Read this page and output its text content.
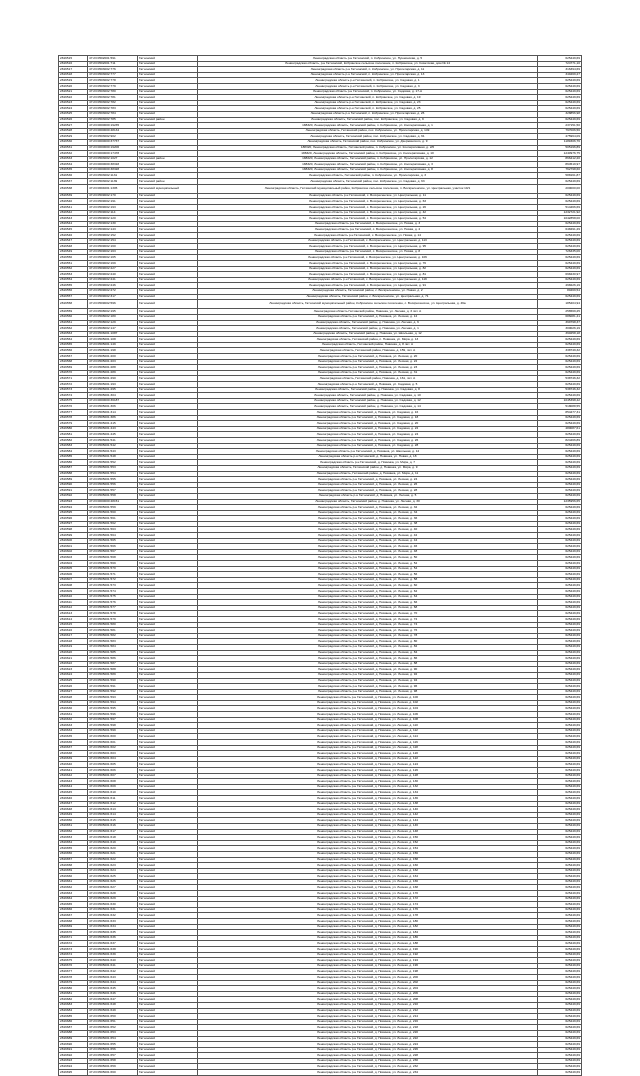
2816515	47:23:0502001:591	Гатчинский	Ленинградская область р-н Гатчинский, п. Кобринское, ул. Пушкинская, д. 5	625449,69
2816516	47:23:0502001:711	Гатчинский	Ленинградская область, р-н Гатчинский, Кобринское сельское поселение, п. Кобринское, ул. Советская, дом № 14	724771,10
2816517	47:23:0503002:776	Гатчинский	Ленинградская область р-н Гатчинский, п. Кобринское, ул. Пролетарская, д. 11	316394,69
2816518	47:23:0503002:777	Гатчинский	Ленинградская область р-н Гатчинский, п. Кобринское, ул. Пролетарская, д. 13	349469,27
2816519	47:23:0503002:778	Гатчинский	Ленинградская область р-н Гатчинский, п. Кобринское, ул. Садовая, д. 1	625449,69
2816520	47:23:0503002:779	Гатчинский	Ленинградская область р-н Гатчинский, п. Кобринское, ул. Садовая, д. 3	625449,69
2816521	47:23:0503002:780	Гатчинский	Ленинградская область р-н Гатчинский, п. Кобринское, ул. Садовая, д. 17-А	625449,69
2816522	47:23:0503002:781	Гатчинский	Ленинградская область р-н Гатчинский, п. Кобринское, ул. Садовая, д. 19	625449,69
2816523	47:23:0503002:782	Гатчинский	Ленинградская область р-н Гатчинский, п. Кобринское, ул. Садовая, д. 23	625449,69
2816524	47:23:0503002:783	Гатчинский	Ленинградская область р-н Гатчинский, п. Кобринское, ул. Садовая, д. 25	625449,69
2816525	47:23:0503002:784	Гатчинский	Ленинградская область р-н Гатчинский, п. Кобринское, ул. Пролетарская, д. 26	328856,98
2816526	47:23:0503002:785	Гатчинский район	Ленинградская область, Гатчинский район, пос. Кобринское, ул. Садовая, д. 9	625449,69
2816527	47:23:0000000:19235	Гатчинский	188320, Ленинградская область, Гатчинский район, п. Кобринское, ул. Кооперативная, д. 1	237151,50
2816528	47:23:0000000:48134	Гатчинский	Ленинградская область, Гатчинский район, пос. Кобринское, ул. Пролетарская, д. 149	797006,56
2816529	47:23:0503002:902	Гатчинский	Ленинградская область, Гатчинский район, пос. Кобринское, ул. Садовая, д. 61	475964,09
2816530	47:23:0000000:37737	Гатчинский	Ленинградская область, Гатчинский район, пос. Кобринское, ул. Дзержинского, д. 9	1189306,76
2816531	47:23:0000000:19206	Гатчинский	188320, Ленинградская область, Гатчинский район, п. Кобринское, ул. Кооперативная, д. 2/6	505196,89
2816532	47:23:0000000:17478	Гатчинский	188320, Ленинградская область, Гатчинский район, п. Кобринское, ул. Кооперативная, д. 10	1240976,75
2816533	47:23:0503002:1027	Гатчинский район	188320, Ленинградская область, Гатчинский район, п. Кобринское, ул. Пролетарская, д. 12	866412,20
2816534	47:23:0000000:38318	Гатчинский	188320, Ленинградская область, Гатчинский район, п. Кобринское, ул. Кооперативная, д. 3	864519,97
2816535	47:23:0000000:38328	Гатчинский	188320, Ленинградская область, Гатчинский район, п. Кобринское, ул. Кооперативная, д. 8	762798,60
2816536	47:23:0503002:1131	Гатчинский	Ленинградская область, Гатчинский район, п. Кобринское, ул. Пролетарская, д. 3	588161,87
2816537	47:23:0503002:1139	Гатчинский район	Ленинградская область, Гатчинский район, пос. Кобринское, ул. Садовая, д. 63	625449,69
2816538	47:23:0604001:1305	Гатчинский муниципальный	Ленинградская область, Гатчинский муниципальный район, Кобринское сельское поселение, п. Воскресенское, ул. Центральная, участок 10/1	200000,00
2816539	47:23:0509002:170	Гатчинский	Ленинградская область р-н Гатчинский, с. Воскресенское, ул. Центральная, д. 11	625449,69
2816540	47:23:0509002:191	Гатчинский	Ленинградская область р-н Гатчинский, с. Воскресенское, ул. Центральная, д. 63	625449,69
2816541	47:23:0509002:193	Гатчинский	Ленинградская область р-н Гатчинский, с. Воскресенское, ул. Центральная, д. 26	514466,69
2816542	47:23:0509002:114	Гатчинский	Ленинградская область р-н Гатчинский, с. Воскресенское, ул. Центральная, д. 42	1232721,92
2816543	47:23:0509002:120	Гатчинский	Ленинградская область р-н Гатчинский, с. Воскресенское, ул. Центральная, д. 54	1042858,00
2816544	47:23:0509002:130	Гатчинский	Ленинградская область р-н Гатчинский, с. Воскресенское, ул. Новая, д. 3	625449,69
2816545	47:23:0509002:143	Гатчинский	Ленинградская область р-н Гатчинский, с. Воскресенское, ул. Новая, д. 4	648491,29
2816546	47:23:0509002:152	Гатчинский	Ленинградская область р-н Гатчинский, с. Воскресенское, ул. Новая, д. 14	625449,69
2816547	47:23:0509002:154	Гатчинский	Ленинградская область р-н Гатчинский, с. Воскресенское, ул. Центральная, д. 113	625449,69
2816548	47:23:0509002:160	Гатчинский	Ленинградская область р-н Гатчинский, с. Воскресенское, ул. Центральная, д. 95	625449,69
2816549	47:23:0509002:163	Гатчинский	Ленинградская область р-н Гатчинский, с. Воскресенское, ул. Новая, д. 8	726335,06
2816550	47:23:0509002:165	Гатчинский	Ленинградская область р-н Гатчинский, с. Воскресенское, ул. Центральная, д. 106	625449,69
2816551	47:23:0509002:169	Гатчинский	Ленинградская область р-н Гатчинский, с. Воскресенское, ул. Центральная, д. 76	625449,69
2816552	47:23:0509002:227	Гатчинский	Ленинградская область р-н Гатчинский, с. Воскресенское, ул. Центральная, д. 82	625449,69
2816553	47:23:0509002:240	Гатчинский	Ленинградская область р-н Гатчинский, с. Воскресенское, ул. Центральная, д. 81	698430,97
2816554	47:23:0509002:241	Гатчинский	Ленинградская область р-н Гатчинский, с. Воскресенское, ул. Центральная, д. 119	625449,69
2816555	47:23:0509002:246	Гатчинский	Ленинградская область р-н Гатчинский, с. Воскресенское, ул. Центральная, д. 91	498226,19
2816556	47:23:0509002:272	Гатчинский	Ленинградская область, Гатчинский район, с. Воскресенское, ул. Новая, д. 2	80469,54
2816557	47:23:0509002:317	Гатчинский	Ленинградская область, Гатчинский район, с. Воскресенское, ул. Центральная, д. 71	625449,69
2816558	47:23:0509002:596	Гатчинский	Ленинградская область, Гатчинский муниципальный район, Кобринское сельское поселение, с. Воскресенское, ул. Центральная, д. 49а	185404,94
2816559	47:23:0508002:195	Гатчинский	Ленинградская область Гатчинский район, Новинка, ул. Лесная, д. 3 лит. А	256569,25
2816560	47:23:0508002:180	Гатчинский	Ленинградская область р-н Гатчинский, д. Новинка, ул. Лесная, д. 12	686081,41
2816561	47:23:0508002:129	Гатчинский	Ленинградская область, Гатчинский район, д. Новинка, ул. Лесная, д. 6	399798,37
2816562	47:23:0508002:147	Гатчинский	Ленинградская область, Гатчинский район, д. Новинка, ул. Лесная, д. 1	300026,19
2816563	47:23:0506001:1087	Гатчинский	Ленинградская область, Гатчинский район, д. Новинка, ул. Школьная, д. 12	390258,18
2816564	47:23:0505001:108	Гатчинский	Ленинградская область, Гатчинский район, п. Новинка, ул. Мира, д. 13	625449,69
2816565	47:23:0505001:149	Гатчинский	Ленинградская область, Гатчинский район, Новинка, д. 8 лит. А	625449,69
2816566	47:23:0505001:198	Гатчинский	Ленинградская область, Гатчинский район, Новинка, д. 159, лит. А	338749,32
2816567	47:23:0505001:200	Гатчинский	Ленинградская область р-н Гатчинский, д. Новинка, ул. Лесная, д. 20	625449,69
2816568	47:23:0505001:203	Гатчинский	Ленинградская область р-н Гатчинский, д. Новинка, ул. Лесная, д. 22	625449,69
2816569	47:23:0505001:288	Гатчинский	Ленинградская область р-н Гатчинский, д. Новинка, ул. Лесная, д. 23	625449,69
2816570	47:23:0505001:289	Гатчинский	Ленинградская область р-н Гатчинский, д. Новинка, ул. Лесная, д. 31	625449,69
2816571	47:23:0505001:290	Гатчинский	Ленинградская область, Гатчинский район, Новинка, д. 161, лит. А	538746,32
2816572	47:23:0505001:193	Гатчинский	Ленинградская область р-н Гатчинский, д. Новинка, ул. Садовая, д. 5	625449,69
2816573	47:23:0505001:295	Гатчинский	Ленинградская область, Гатчинский район, д. Новинка, ул. Садовая, д. 8	538746,32
2816574	47:23:0505001:304	Гатчинский	Ленинградская область, Гатчинский район, д. Новинка, ул. Садовая, д. 10	625449,69
2816575	47:23:0000000:36187	Гатчинский	Ленинградская область, Гатчинский район, д. Новинка, ул. Садовая, д. 12	1045398,42
2816576	47:23:0505001:306	Гатчинский	Ленинградская область, Гатчинский район, д. Новинка, ул. Садовая, д. 14	518088,55
2816577	47:23:0505001:314	Гатчинский	Ленинградская область р-н Гатчинский, д. Новинка, ул. Садовая, д. 16	854477,31
2816578	47:23:0505001:386	Гатчинский	Ленинградская область р-н Гатчинский, д. Новинка, ул. Садовая, д. 18	625449,69
2816579	47:23:0505001:415	Гатчинский	Ленинградская область р-н Гатчинский, д. Новинка, ул. Садовая, д. 20	625449,69
2816580	47:23:0505001:443	Гатчинский	Ленинградская область р-н Гатчинский, д. Новинка, ул. Садовая, д. 22	480087,61
2816581	47:23:0505001:445	Гатчинский	Ленинградская область р-н Гатчинский, д. Новинка, ул. Садовая, д. 24	625449,69
2816582	47:23:0505001:541	Гатчинский	Ленинградская область р-н Гатчинский, д. Новинка, ул. Садовая, д. 26	824466,89
2816583	47:23:0505001:542	Гатчинский	Ленинградская область р-н Гатчинский, д. Новинка, ул. Садовая, д. 28	625449,69
2816584	47:23:0505001:543	Гатчинский	Ленинградская область р-н Гатчинский, д. Новинка, ул. Школьная, д. 14	625449,69
2816585	47:23:0505001:548	Гатчинский	Ленинградская область р-н Гатчинский, д. Новинка, ул. Новая, д. 18	625449,69
2816586	47:23:0505001:552	Гатчинский	Ленинградская область р-н Гатчинский, д. Новинка, ул. Мира, д. 7	625449,69
2816587	47:23:0505001:553	Гатчинский	Ленинградская область, Гатчинский район, д. Новинка, ул. Мира, д. 9	625449,69
2816588	47:23:0505001:554	Гатчинский	Ленинградская область, Гатчинский район, д. Новинка, ул. Мира, д. 11	625449,69
2816589	47:23:0505001:555	Гатчинский	Ленинградская область р-н Гатчинский, д. Новинка, ул. Лесная, д. 24	625449,69
2816590	47:23:0505001:556	Гатчинский	Ленинградская область р-н Гатчинский, д. Новинка, ул. Лесная, д. 26	625449,69
2816591	47:23:0505001:557	Гатчинский	Ленинградская область р-н Гатчинский, д. Новинка, ул. Лесная, д. 28	625449,69
2816592	47:23:0505001:558	Гатчинский	Ленинградская область р-н Гатчинский, д. Новинка, ул. Лесная, д. 5	625449,69
2816593	47:23:0000000:48151	Гатчинский	Ленинградская область, Гатчинский район, д. Новинка, ул. Лесная, д. 30	1235956,65
2816594	47:23:0505001:559	Гатчинский	Ленинградская область р-н Гатчинский, д. Новинка, ул. Лесная, д. 32	625449,69
2816595	47:23:0505001:560	Гатчинский	Ленинградская область р-н Гатчинский, д. Новинка, ул. Лесная, д. 34	625449,69
2816596	47:23:0505001:561	Гатчинский	Ленинградская область р-н Гатчинский, д. Новинка, ул. Лесная, д. 36	625449,69
2816597	47:23:0505001:562	Гатчинский	Ленинградская область р-н Гатчинский, д. Новинка, ул. Лесная, д. 38	625449,69
2816598	47:23:0505001:563	Гатчинский	Ленинградская область р-н Гатчинский, д. Новинка, ул. Лесная, д. 40	625449,69
2816599	47:23:0505001:564	Гатчинский	Ленинградская область р-н Гатчинский, д. Новинка, ул. Лесная, д. 42	625449,69
2816600	47:23:0505001:565	Гатчинский	Ленинградская область р-н Гатчинский, д. Новинка, ул. Лесная, д. 44	625449,69
2816601	47:23:0505001:566	Гатчинский	Ленинградская область р-н Гатчинский, д. Новинка, ул. Лесная, д. 46	625449,69
2816602	47:23:0505001:567	Гатчинский	Ленинградская область р-н Гатчинский, д. Новинка, ул. Лесная, д. 48	625449,69
2816603	47:23:0505001:568	Гатчинский	Ленинградская область р-н Гатчинский, д. Новинка, ул. Лесная, д. 50	625449,69
2816604	47:23:0505001:569	Гатчинский	Ленинградская область р-н Гатчинский, д. Новинка, ул. Лесная, д. 52	625449,69
2816605	47:23:0505001:570	Гатчинский	Ленинградская область р-н Гатчинский, д. Новинка, ул. Лесная, д. 54	625449,69
2816606	47:23:0505001:571	Гатчинский	Ленинградская область р-н Гатчинский, д. Новинка, ул. Лесная, д. 56	625449,69
2816607	47:23:0505001:572	Гатчинский	Ленинградская область р-н Гатчинский, д. Новинка, ул. Лесная, д. 58	625449,69
2816608	47:23:0505001:573	Гатчинский	Ленинградская область р-н Гатчинский, д. Новинка, ул. Лесная, д. 60	625449,69
2816609	47:23:0505001:574	Гатчинский	Ленинградская область р-н Гатчинский, д. Новинка, ул. Лесная, д. 62	625449,69
2816610	47:23:0505001:575	Гатчинский	Ленинградская область р-н Гатчинский, д. Новинка, ул. Лесная, д. 64	625449,69
2816611	47:23:0505001:576	Гатчинский	Ленинградская область р-н Гатчинский, д. Новинка, ул. Лесная, д. 66	625449,69
2816612	47:23:0505001:577	Гатчинский	Ленинградская область р-н Гатчинский, д. Новинка, ул. Лесная, д. 68	625449,69
2816613	47:23:0505001:578	Гатчинский	Ленинградская область р-н Гатчинский, д. Новинка, ул. Лесная, д. 70	625449,69
2816614	47:23:0505001:579	Гатчинский	Ленинградская область р-н Гатчинский, д. Новинка, ул. Лесная, д. 72	625449,69
2816615	47:23:0505001:580	Гатчинский	Ленинградская область р-н Гатчинский, д. Новинка, ул. Лесная, д. 74	625449,69
2816616	47:23:0505001:581	Гатчинский	Ленинградская область р-н Гатчинский, д. Новинка, ул. Лесная, д. 76	625449,69
2816617	47:23:0505001:582	Гатчинский	Ленинградская область р-н Гатчинский, д. Новинка, ул. Лесная, д. 78	625449,69
2816618	47:23:0505001:583	Гатчинский	Ленинградская область р-н Гатчинский, д. Новинка, ул. Лесная, д. 80	625449,69
2816619	47:23:0505001:584	Гатчинский	Ленинградская область р-н Гатчинский, д. Новинка, ул. Лесная, д. 82	625449,69
2816620	47:23:0505001:585	Гатчинский	Ленинградская область р-н Гатчинский, д. Новинка, ул. Лесная, д. 84	625449,69
2816621	47:23:0505001:586	Гатчинский	Ленинградская область р-н Гатчинский, д. Новинка, ул. Лесная, д. 86	625449,69
2816622	47:23:0505001:587	Гатчинский	Ленинградская область р-н Гатчинский, д. Новинка, ул. Лесная, д. 88	625449,69
2816623	47:23:0505001:588	Гатчинский	Ленинградская область р-н Гатчинский, д. Новинка, ул. Лесная, д. 90	625449,69
2816624	47:23:0505001:589	Гатчинский	Ленинградская область р-н Гатчинский, д. Новинка, ул. Лесная, д. 92	625449,69
2816625	47:23:0505001:590	Гатчинский	Ленинградская область р-н Гатчинский, д. Новинка, ул. Лесная, д. 94	625449,69
2816626	47:23:0505001:591	Гатчинский	Ленинградская область р-н Гатчинский, д. Новинка, ул. Лесная, д. 96	625449,69
2816627	47:23:0505001:592	Гатчинский	Ленинградская область р-н Гатчинский, д. Новинка, ул. Лесная, д. 98	625449,69
2816628	47:23:0505001:593	Гатчинский	Ленинградская область р-н Гатчинский, д. Новинка, ул. Лесная, д. 100	625449,69
2816629	47:23:0505001:594	Гатчинский	Ленинградская область р-н Гатчинский, д. Новинка, ул. Лесная, д. 102	625449,69
2816630	47:23:0505001:595	Гатчинский	Ленинградская область р-н Гатчинский, д. Новинка, ул. Лесная, д. 104	625449,69
2816631	47:23:0505001:596	Гатчинский	Ленинградская область р-н Гатчинский, д. Новинка, ул. Лесная, д. 106	625449,69
2816632	47:23:0505001:597	Гатчинский	Ленинградская область р-н Гатчинский, д. Новинка, ул. Лесная, д. 108	625449,69
2816633	47:23:0505001:598	Гатчинский	Ленинградская область р-н Гатчинский, д. Новинка, ул. Лесная, д. 110	625449,69
2816634	47:23:0505001:599	Гатчинский	Ленинградская область р-н Гатчинский, д. Новинка, ул. Лесная, д. 112	625449,69
2816635	47:23:0505001:600	Гатчинский	Ленинградская область р-н Гатчинский, д. Новинка, ул. Лесная, д. 114	625449,69
2816636	47:23:0505001:601	Гатчинский	Ленинградская область р-н Гатчинский, д. Новинка, ул. Лесная, д. 116	625449,69
2816637	47:23:0505001:602	Гатчинский	Ленинградская область р-н Гатчинский, д. Новинка, ул. Лесная, д. 118	625449,69
2816638	47:23:0505001:603	Гатчинский	Ленинградская область р-н Гатчинский, д. Новинка, ул. Лесная, д. 120	625449,69
2816639	47:23:0505001:604	Гатчинский	Ленинградская область р-н Гатчинский, д. Новинка, ул. Лесная, д. 122	625449,69
2816640	47:23:0505001:605	Гатчинский	Ленинградская область р-н Гатчинский, д. Новинка, ул. Лесная, д. 124	625449,69
2816641	47:23:0505001:606	Гатчинский	Ленинградская область р-н Гатчинский, д. Новинка, ул. Лесная, д. 126	625449,69
2816642	47:23:0505001:607	Гатчинский	Ленинградская область р-н Гатчинский, д. Новинка, ул. Лесная, д. 128	625449,69
2816643	47:23:0505001:608	Гатчинский	Ленинградская область р-н Гатчинский, д. Новинка, ул. Лесная, д. 130	625449,69
2816644	47:23:0505001:609	Гатчинский	Ленинградская область р-н Гатчинский, д. Новинка, ул. Лесная, д. 132	625449,69
2816645	47:23:0505001:610	Гатчинский	Ленинградская область р-н Гатчинский, д. Новинка, ул. Лесная, д. 134	625449,69
2816646	47:23:0505001:611	Гатчинский	Ленинградская область р-н Гатчинский, д. Новинка, ул. Лесная, д. 136	625449,69
2816647	47:23:0505001:612	Гатчинский	Ленинградская область р-н Гатчинский, д. Новинка, ул. Лесная, д. 138	625449,69
2816648	47:23:0505001:613	Гатчинский	Ленинградская область р-н Гатчинский, д. Новинка, ул. Лесная, д. 140	625449,69
2816649	47:23:0505001:614	Гатчинский	Ленинградская область р-н Гатчинский, д. Новинка, ул. Лесная, д. 142	625449,69
2816650	47:23:0505001:615	Гатчинский	Ленинградская область р-н Гатчинский, д. Новинка, ул. Лесная, д. 144	625449,69
2816651	47:23:0505001:616	Гатчинский	Ленинградская область р-н Гатчинский, д. Новинка, ул. Лесная, д. 146	625449,69
2816652	47:23:0505001:617	Гатчинский	Ленинградская область р-н Гатчинский, д. Новинка, ул. Лесная, д. 148	625449,69
2816653	47:23:0505001:618	Гатчинский	Ленинградская область р-н Гатчинский, д. Новинка, ул. Лесная, д. 150	625449,69
2816654	47:23:0505001:619	Гатчинский	Ленинградская область р-н Гатчинский, д. Новинка, ул. Лесная, д. 152	625449,69
2816655	47:23:0505001:620	Гатчинский	Ленинградская область р-н Гатчинский, д. Новинка, ул. Лесная, д. 154	625449,69
2816656	47:23:0505001:621	Гатчинский	Ленинградская область р-н Гатчинский, д. Новинка, ул. Лесная, д. 156	625449,69
2816657	47:23:0505001:622	Гатчинский	Ленинградская область р-н Гатчинский, д. Новинка, ул. Лесная, д. 158	625449,69
2816658	47:23:0505001:623	Гатчинский	Ленинградская область р-н Гатчинский, д. Новинка, ул. Лесная, д. 160	625449,69
2816659	47:23:0505001:624	Гатчинский	Ленинградская область р-н Гатчинский, д. Новинка, ул. Лесная, д. 162	625449,69
2816660	47:23:0505001:625	Гатчинский	Ленинградская область р-н Гатчинский, д. Новинка, ул. Лесная, д. 164	625449,69
2816661	47:23:0505001:626	Гатчинский	Ленинградская область р-н Гатчинский, д. Новинка, ул. Лесная, д. 166	625449,69
2816662	47:23:0505001:627	Гатчинский	Ленинградская область р-н Гатчинский, д. Новинка, ул. Лесная, д. 168	625449,69
2816663	47:23:0505001:628	Гатчинский	Ленинградская область р-н Гатчинский, д. Новинка, ул. Лесная, д. 170	625449,69
2816664	47:23:0505001:629	Гатчинский	Ленинградская область р-н Гатчинский, д. Новинка, ул. Лесная, д. 172	625449,69
2816665	47:23:0505001:630	Гатчинский	Ленинградская область р-н Гатчинский, д. Новинка, ул. Лесная, д. 174	625449,69
2816666	47:23:0505001:631	Гатчинский	Ленинградская область р-н Гатчинский, д. Новинка, ул. Лесная, д. 176	625449,69
2816667	47:23:0505001:632	Гатчинский	Ленинградская область р-н Гатчинский, д. Новинка, ул. Лесная, д. 178	625449,69
2816668	47:23:0505001:633	Гатчинский	Ленинградская область р-н Гатчинский, д. Новинка, ул. Лесная, д. 180	625449,69
2816669	47:23:0505001:634	Гатчинский	Ленинградская область р-н Гатчинский, д. Новинка, ул. Лесная, д. 182	625449,69
2816670	47:23:0505001:635	Гатчинский	Ленинградская область р-н Гатчинский, д. Новинка, ул. Лесная, д. 184	625449,69
2816671	47:23:0505001:636	Гатчинский	Ленинградская область р-н Гатчинский, д. Новинка, ул. Лесная, д. 186	625449,69
2816672	47:23:0505001:637	Гатчинский	Ленинградская область р-н Гатчинский, д. Новинка, ул. Лесная, д. 188	625449,69
2816673	47:23:0505001:638	Гатчинский	Ленинградская область р-н Гатчинский, д. Новинка, ул. Лесная, д. 190	625449,69
2816674	47:23:0505001:639	Гатчинский	Ленинградская область р-н Гатчинский, д. Новинка, ул. Лесная, д. 192	625449,69
2816675	47:23:0505001:640	Гатчинский	Ленинградская область р-н Гатчинский, д. Новинка, ул. Лесная, д. 194	625449,69
2816676	47:23:0505001:641	Гатчинский	Ленинградская область р-н Гатчинский, д. Новинка, ул. Лесная, д. 196	625449,69
2816677	47:23:0505001:642	Гатчинский	Ленинградская область р-н Гатчинский, д. Новинка, ул. Лесная, д. 198	625449,69
2816678	47:23:0505001:643	Гатчинский	Ленинградская область р-н Гатчинский, д. Новинка, ул. Лесная, д. 200	625449,69
2816679	47:23:0505001:644	Гатчинский	Ленинградская область р-н Гатчинский, д. Новинка, ул. Лесная, д. 202	625449,69
2816680	47:23:0505001:645	Гатчинский	Ленинградская область р-н Гатчинский, д. Новинка, ул. Лесная, д. 204	625449,69
2816681	47:23:0505001:646	Гатчинский	Ленинградская область р-н Гатчинский, д. Новинка, ул. Лесная, д. 206	625449,69
2816682	47:23:0505001:647	Гатчинский	Ленинградская область р-н Гатчинский, д. Новинка, ул. Лесная, д. 208	625449,69
2816683	47:23:0505001:648	Гатчинский	Ленинградская область р-н Гатчинский, д. Новинка, ул. Лесная, д. 210	625449,69
2816684	47:23:0505001:649	Гатчинский	Ленинградская область р-н Гатчинский, д. Новинка, ул. Лесная, д. 212	625449,69
2816685	47:23:0505001:650	Гатчинский	Ленинградская область р-н Гатчинский, д. Новинка, ул. Лесная, д. 214	625449,69
2816686	47:23:0505001:651	Гатчинский	Ленинградская область р-н Гатчинский, д. Новинка, ул. Лесная, д. 216	625449,69
2816687	47:23:0505001:652	Гатчинский	Ленинградская область р-н Гатчинский, д. Новинка, ул. Лесная, д. 218	625449,69
2816688	47:23:0505001:653	Гатчинский	Ленинградская область р-н Гатчинский, д. Новинка, ул. Лесная, д. 220	625449,69
2816689	47:23:0505001:654	Гатчинский	Ленинградская область р-н Гатчинский, д. Новинка, ул. Лесная, д. 222	625449,69
2816690	47:23:0505001:655	Гатчинский	Ленинградская область р-н Гатчинский, д. Новинка, ул. Лесная, д. 224	625449,69
2816691	47:23:0505001:656	Гатчинский	Ленинградская область р-н Гатчинский, д. Новинка, ул. Лесная, д. 226	625449,69
2816692	47:23:0505001:657	Гатчинский	Ленинградская область р-н Гатчинский, д. Новинка, ул. Лесная, д. 228	625449,69
2816693	47:23:0505001:658	Гатчинский	Ленинградская область р-н Гатчинский, д. Новинка, ул. Лесная, д. 230	625449,69
2816694	47:23:0505001:659	Гатчинский	Ленинградская область р-н Гатчинский, д. Новинка, ул. Лесная, д. 232	625449,69
2816695	47:23:0505001:660	Гатчинский	Ленинградская область р-н Гатчинский, д. Новинка, ул. Лесная, д. 234	625449,69
